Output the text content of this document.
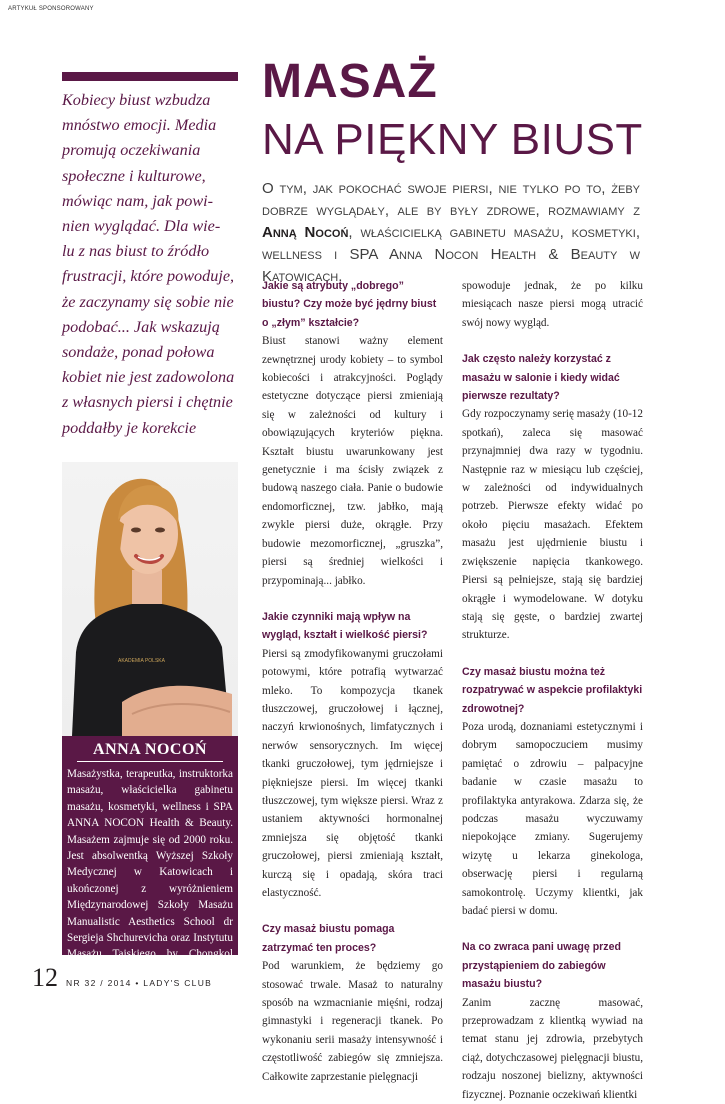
ARTYKUŁ SPONSOROWANY

Kobiecy biust wzbudza

mnóstwo emocji. Media

promują oczekiwania

społeczne i kulturowe,

mówiąc nam, jak powi-

nien wyglądać. Dla wie-

lu z nas biust to źródło

frustracji, które powoduje,

że zaczynamy się sobie nie

podobać... Jak wskazują

sondaże, ponad połowa

kobiet nie jest zadowolona

z własnych piersi i chętnie

poddałby je korekcie

AKADEMIA POLSKA
ANNA NOCOŃ
Masażystka, terapeutka, instruktorka masażu, właścicielka gabinetu masażu, kosmetyki, wellness i SPA ANNA NOCON Health & Beauty. Masażem zajmuje się od 2000 roku. Jest absolwentką Wyższej Szkoły Medycznej w Katowicach i ukończonej z wyróżnieniem Międzynarodowej Szkoły Masażu Manualistic Aesthetics School dr Sergieja Shchurevicha oraz Instytutu Masażu Tajskiego by Chongkol Ssetthakorn w Tajlandii.
MASAŻ
NA PIĘKNY BIUST
O tym, jak pokochać swoje piersi, nie tylko po to, żeby dobrze wyglądały, ale by były zdrowe, rozmawiamy z Anną Nocoń, właścicielką gabinetu masażu, kosmetyki, wellness i SPA Anna Nocon Health & Beauty w Katowicach.
Jakie są atrybuty „dobrego” biustu? Czy może być jędrny biust o „złym” kształcie?
Biust stanowi ważny element zewnętrznej urody kobiety – to symbol kobiecości i atrakcyjności. Poglądy estetyczne dotyczące piersi zmieniają się w zależności od kultury i obowiązujących kryteriów piękna. Kształt biustu uwarunkowany jest genetycznie i ma ścisły związek z budową naszego ciała. Panie o budowie endomorficznej, tzw. jabłko, mają zwykle piersi duże, okrągłe. Przy budowie mezomorficznej, „gruszka”, piersi są średniej wielkości i przypominają... jabłko.
Jakie czynniki mają wpływ na wygląd, kształt i wielkość piersi?
Piersi są zmodyfikowanymi gruczołami potowymi, które potrafią wytwarzać mleko. To kompozycja tkanek tłuszczowej, gruczołowej i łącznej, naczyń krwionośnych, limfatycznych i nerwów sensorycznych. Im więcej tkanki gruczołowej, tym jędrniejsze i piękniejsze piersi. Im więcej tkanki tłuszczowej, tym większe piersi. Wraz z ustaniem aktywności hormonalnej zmniejsza się objętość tkanki gruczołowej, piersi zmieniają kształt, kurczą się i opadają, skóra traci elastyczność.
Czy masaż biustu pomaga zatrzymać ten proces?
Pod warunkiem, że będziemy go stosować trwale. Masaż to naturalny sposób na wzmacnianie mięśni, rodzaj gimnastyki i regeneracji tkanek. Po wykonaniu serii masaży intensywność i częstotliwość zabiegów się zmniejsza. Całkowite zaprzestanie pielęgnacji
spowoduje jednak, że po kilku miesiącach nasze piersi mogą utracić swój nowy wygląd.
Jak często należy korzystać z masażu w salonie i kiedy widać pierwsze rezultaty?
Gdy rozpoczynamy serię masaży (10-12 spotkań), zaleca się masować przynajmniej dwa razy w tygodniu. Następnie raz w miesiącu lub częściej, w zależności od indywidualnych potrzeb. Pierwsze efekty widać po około pięciu masażach. Efektem masażu jest ujędrnienie biustu i zwiększenie napięcia tkankowego. Piersi są pełniejsze, stają się bardziej okrągłe i wymodelowane. W dotyku stają się gęste, o bardziej zwartej strukturze.
Czy masaż biustu można też rozpatrywać w aspekcie profilaktyki zdrowotnej?
Poza urodą, doznaniami estetycznymi i dobrym samopoczuciem musimy pamiętać o zdrowiu – palpacyjne badanie w czasie masażu to profilaktyka antyrakowa. Zdarza się, że podczas masażu wyczuwamy niepokojące zmiany. Sugerujemy wizytę u lekarza ginekologa, obserwację piersi i regularną samokontrolę. Uczymy klientki, jak badać piersi w domu.
Na co zwraca pani uwagę przed przystąpieniem do zabiegów masażu biustu?
Zanim zacznę masować, przeprowadzam z klientką wywiad na temat stanu jej zdrowia, przebytych ciąż, dotychczasowej pielęgnacji biustu, rodzaju noszonej bielizny, aktywności fizycznej. Poznanie oczekiwań klientki
12 NR 32 / 2014 • LADY'S CLUB
